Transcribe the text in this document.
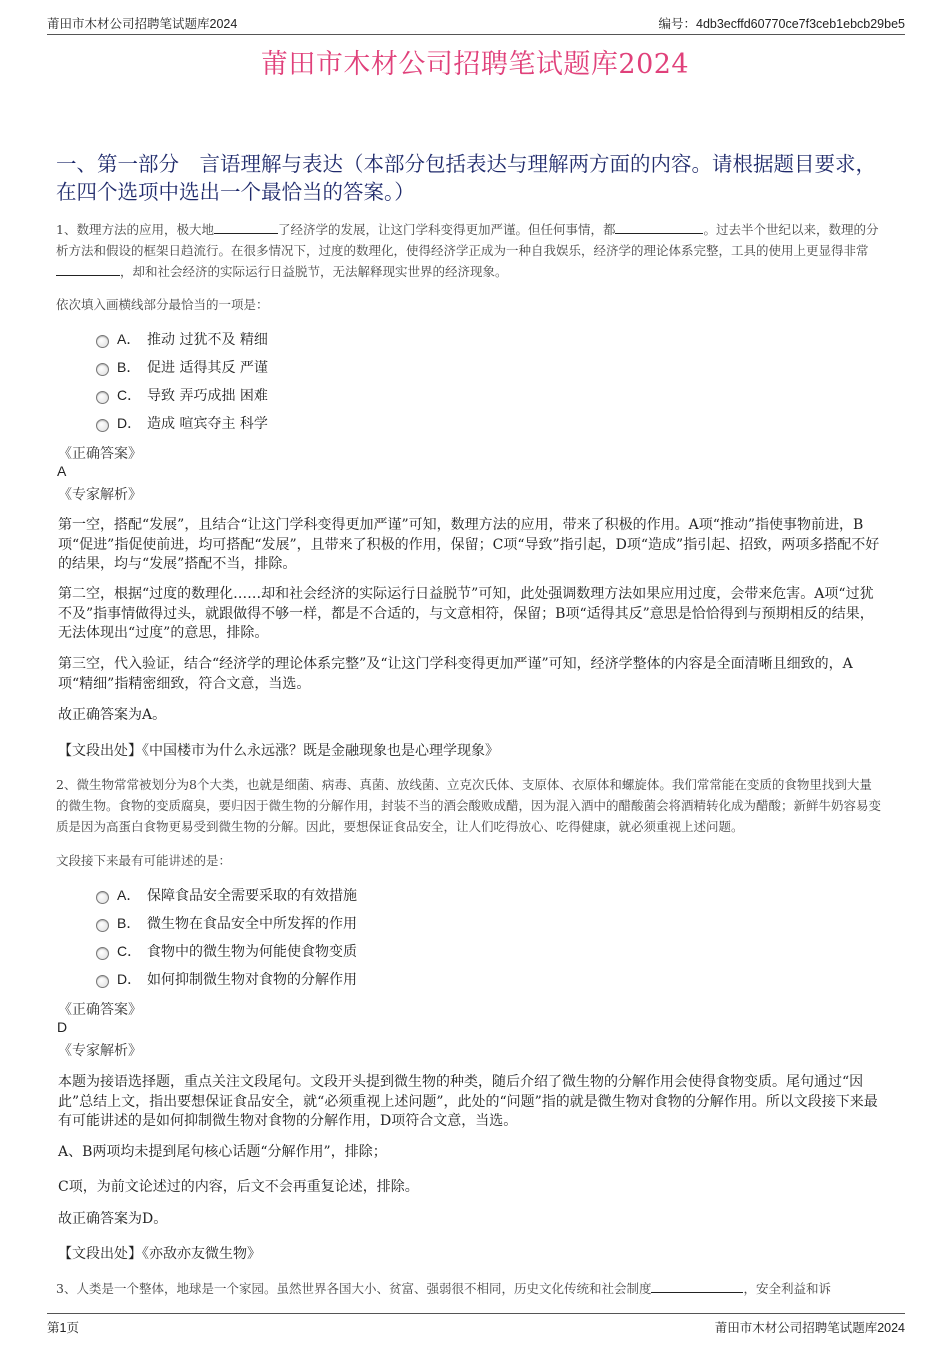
莆田市木材公司招聘笔试题库2024	编号：4db3ecffd60770ce7f3ceb1ebcb29be5
莆田市木材公司招聘笔试题库2024
一、第一部分　言语理解与表达（本部分包括表达与理解两方面的内容。请根据题目要求，在四个选项中选出一个最恰当的答案。）
1、数理方法的应用，极大地	了经济学的发展，让这门学科变得更加严谨。但任何事情，都	。过去半个世纪以来，数理的分析方法和假设的框架日趋流行。在很多情况下，过度的数理化，使得经济学正成为一种自我娱乐，经济学的理论体系完整，工具的使用上更显得非常，却和社会经济的实际运行日益脱节，无法解释现实世界的经济现象。
依次填入画横线部分最恰当的一项是：
A． 推动 过犹不及 精细
B． 促进 适得其反 严谨
C． 导致 弄巧成拙 困难
D． 造成 喧宾夺主 科学
《正确答案》
A
《专家解析》
第一空，搭配“发展”，且结合“让这门学科变得更加严谨”可知，数理方法的应用，带来了积极的作用。A项“推动”指使事物前进，B项“促进”指促使前进，均可搭配“发展”，且带来了积极的作用，保留；C项“导致”指引起，D项“造成”指引起、招致，两项多搭配不好的结果，均与“发展”搭配不当，排除。
第二空，根据“过度的数理化……却和社会经济的实际运行日益脱节”可知，此处强调数理方法如果应用过度，会带来危害。A项“过犹不及”指事情做得过头，就跟做得不够一样，都是不合适的，与文意相符，保留；B项“适得其反”意思是恰恰得到与预期相反的结果，无法体现出“过度”的意思，排除。
第三空，代入验证，结合“经济学的理论体系完整”及“让这门学科变得更加严谨”可知，经济学整体的内容是全面清晰且细致的，A项“精细”指精密细致，符合文意，当选。
故正确答案为A。
【文段出处】《中国楼市为什么永远涨？既是金融现象也是心理学现象》
2、微生物常常被划分为8个大类，也就是细菌、病毒、真菌、放线菌、立克次氏体、支原体、衣原体和螺旋体。我们常常能在变质的食物里找到大量的微生物。食物的变质腐臭，要归因于微生物的分解作用，封装不当的酒会酸败成醋，因为混入酒中的醋酸菌会将酒精转化成为醋酸；新鲜牛奶容易变质是因为高蛋白食物更易受到微生物的分解。因此，要想保证食品安全，让人们吃得放心、吃得健康，就必须重视上述问题。
文段接下来最有可能讲述的是：
A． 保障食品安全需要采取的有效措施
B． 微生物在食品安全中所发挥的作用
C． 食物中的微生物为何能使食物变质
D． 如何抑制微生物对食物的分解作用
《正确答案》
D
《专家解析》
本题为接语选择题，重点关注文段尾句。文段开头提到微生物的种类，随后介绍了微生物的分解作用会使得食物变质。尾句通过“因此”总结上文，指出要想保证食品安全，就“必须重视上述问题”，此处的“问题”指的就是微生物对食物的分解作用。所以文段接下来最有可能讲述的是如何抑制微生物对食物的分解作用，D项符合文意，当选。
A、B两项均未提到尾句核心话题“分解作用”，排除；
C项，为前文论述过的内容，后文不会再重复论述，排除。
故正确答案为D。
【文段出处】《亦敌亦友微生物》
3、人类是一个整体，地球是一个家园。虽然世界各国大小、贫富、强弱很不相同，历史文化传统和社会制度	，安全利益和诉
第1页	莆田市木材公司招聘笔试题库2024
